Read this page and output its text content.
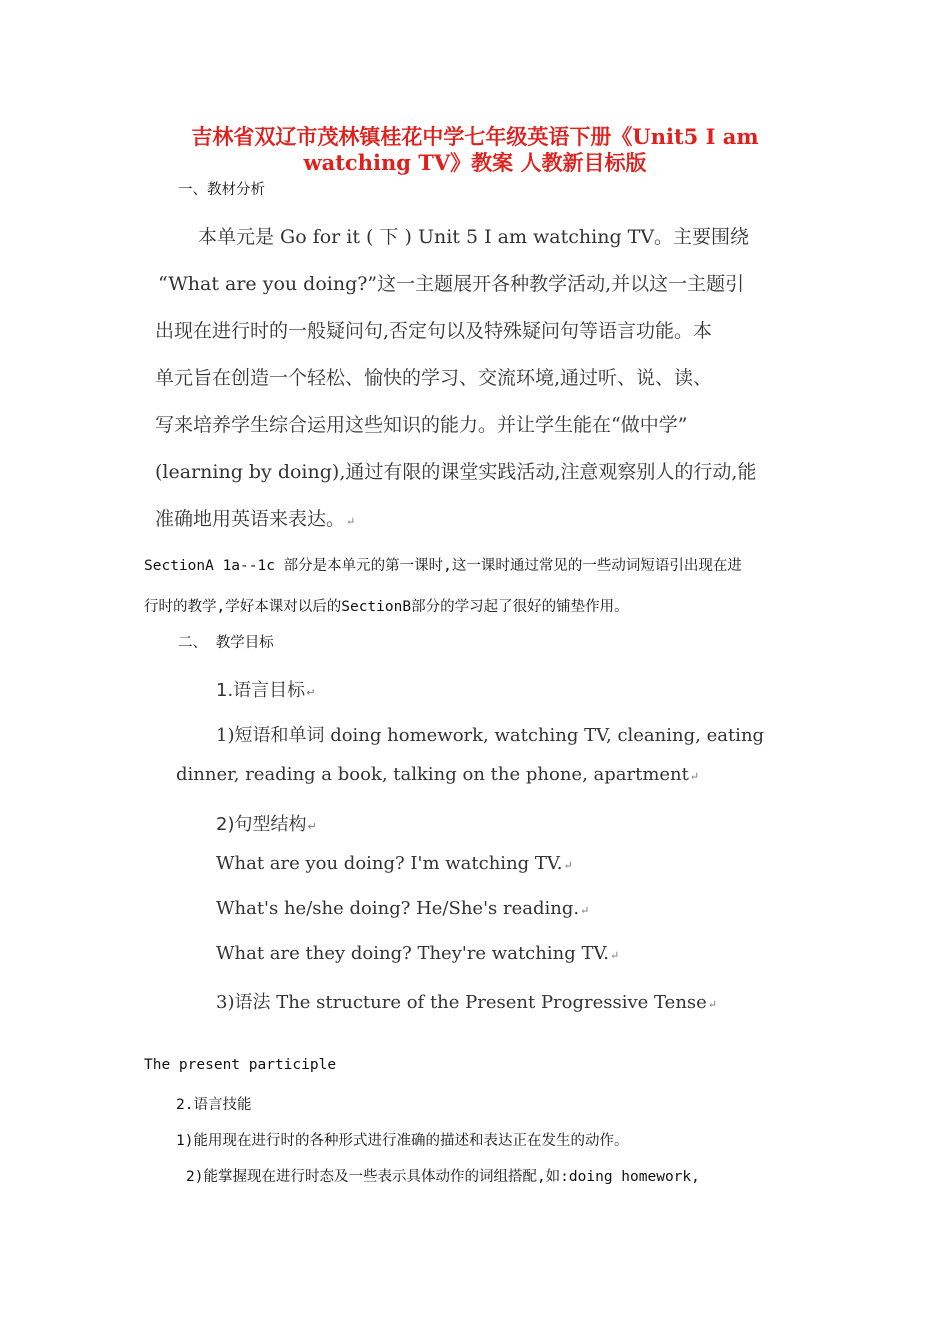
吉林省双辽市茂林镇桂花中学七年级英语下册《Unit5 I am
watching TV》教案 人教新目标版
一、教材分析
本单元是 Go for it ( 下 ) Unit 5 I am watching TV。主要围绕
“What are you doing?”这一主题展开各种教学活动,并以这一主题引
出现在进行时的一般疑问句,否定句以及特殊疑问句等语言功能。本
单元旨在创造一个轻松、愉快的学习、交流环境,通过听、说、读、
写来培养学生综合运用这些知识的能力。并让学生能在“做中学”
(learning by doing),通过有限的课堂实践活动,注意观察别人的行动,能
准确地用英语来表达。↵
SectionA 1a--1c 部分是本单元的第一课时,这一课时通过常见的一些动词短语引出现在进
行时的教学,学好本课对以后的SectionB部分的学习起了很好的铺垫作用。
二、 教学目标
1.语言目标↵
1)短语和单词 doing homework, watching TV, cleaning, eating
dinner, reading a book, talking on the phone, apartment↵
2)句型结构↵
What are you doing? I'm watching TV.↵
What's he/she doing? He/She's reading.↵
What are they doing? They're watching TV.↵
3)语法 The structure of the Present Progressive Tense↵
The present participle
2.语言技能
1)能用现在进行时的各种形式进行准确的描述和表达正在发生的动作。
2)能掌握现在进行时态及一些表示具体动作的词组搭配,如:doing homework,
